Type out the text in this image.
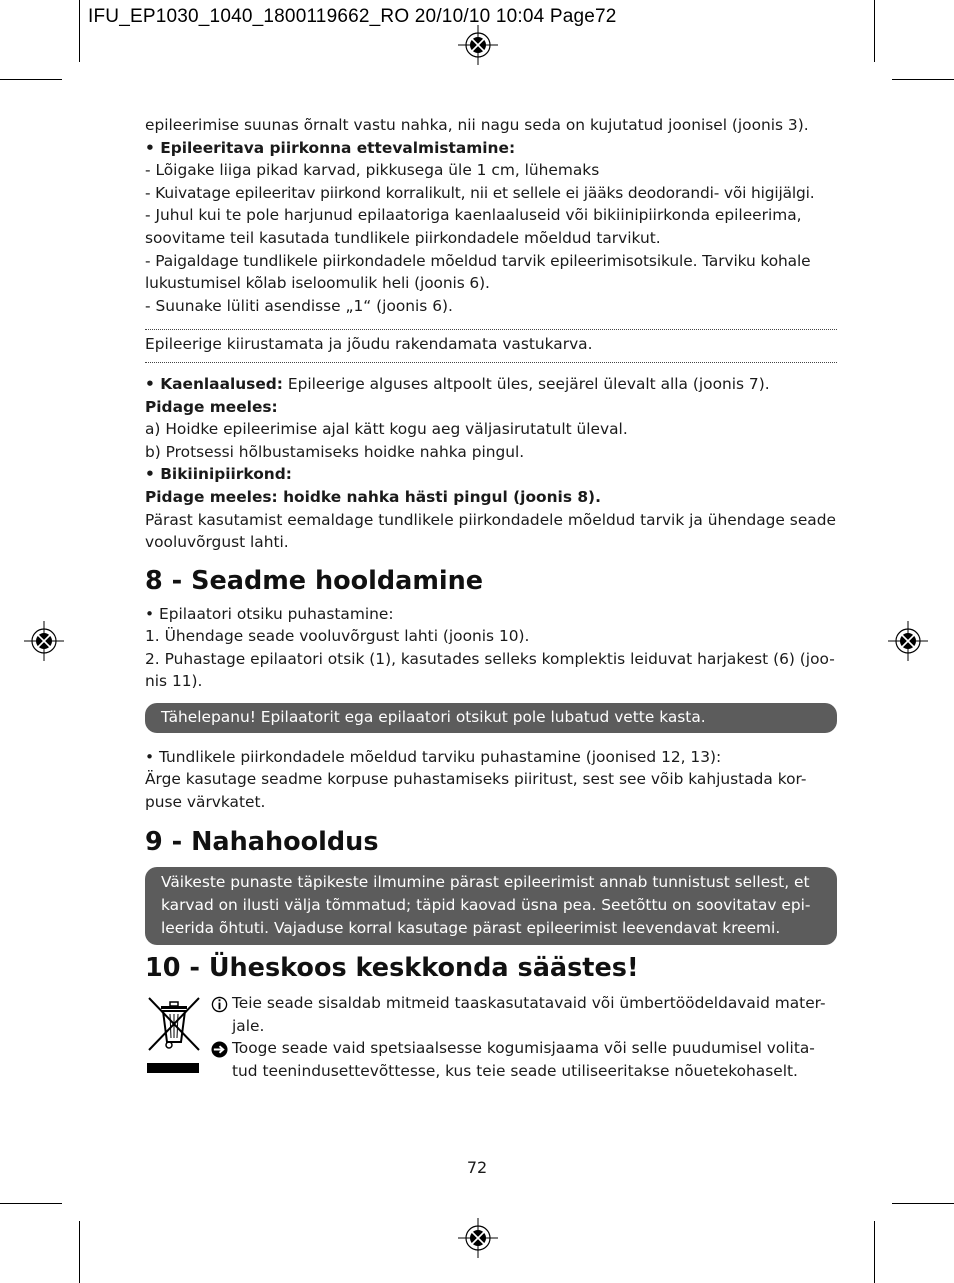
IFU_EP1030_1040_1800119662_RO 20/10/10 10:04 Page72

epileerimise suunas õrnalt vastu nahka, nii nagu seda on kujutatud joonisel (joonis 3).

• Epileeritava piirkonna ettevalmistamine:

- Lõigake liiga pikad karvad, pikkusega üle 1 cm, lühemaks

- Kuivatage epileeritav piirkond korralikult, nii et sellele ei jääks deodorandi- või higijälgi.

- Juhul kui te pole harjunud epilaatoriga kaenlaaluseid või bikiinipiirkonda epileerima, soovitame teil kasutada tundlikele piirkondadele mõeldud tarvikut.

- Paigaldage tundlikele piirkondadele mõeldud tarvik epileerimisotsikule. Tarviku kohale lukustumisel kõlab iseloomulik heli (joonis 6).

- Suunake lüliti asendisse „1“ (joonis 6).

Epileerige kiirustamata ja jõudu rakendamata vastukarva.

• Kaenlaalused: Epileerige alguses altpoolt üles, seejärel ülevalt alla (joonis 7).

Pidage meeles:

a) Hoidke epileerimise ajal kätt kogu aeg väljasirutatult üleval.

b) Protsessi hõlbustamiseks hoidke nahka pingul.

• Bikiinipiirkond:

Pidage meeles: hoidke nahka hästi pingul (joonis 8).

Pärast kasutamist eemaldage tundlikele piirkondadele mõeldud tarvik ja ühendage seade vooluvõrgust lahti.

8 - Seadme hooldamine

• Epilaatori otsiku puhastamine:

1. Ühendage seade vooluvõrgust lahti (joonis 10).

2. Puhastage epilaatori otsik (1), kasutades selleks komplektis leiduvat harjakest (6) (joo-nis 11).

Tähelepanu! Epilaatorit ega epilaatori otsikut pole lubatud vette kasta.

• Tundlikele piirkondadele mõeldud tarviku puhastamine (joonised 12, 13):

Ärge kasutage seadme korpuse puhastamiseks piiritust, sest see võib kahjustada kor-puse värvkatet.

9 - Nahahooldus
Väikeste punaste täpikeste ilmumine pärast epileerimist annab tunnistust sellest, et karvad on ilusti välja tõmmatud; täpid kaovad üsna pea. Seetõttu on soovitatav epi-leerida õhtuti. Vajaduse korral kasutage pärast epileerimist leevendavat kreemi.
10 - Üheskoos keskkonda säästes!
Teie seade sisaldab mitmeid taaskasutatavaid või ümbertöödeldavaid mater-jale.
Tooge seade vaid spetsiaalsesse kogumisjaama või selle puudumisel volita-tud teenindusettevõttesse, kus teie seade utiliseeritakse nõuetekohaselt.
72
